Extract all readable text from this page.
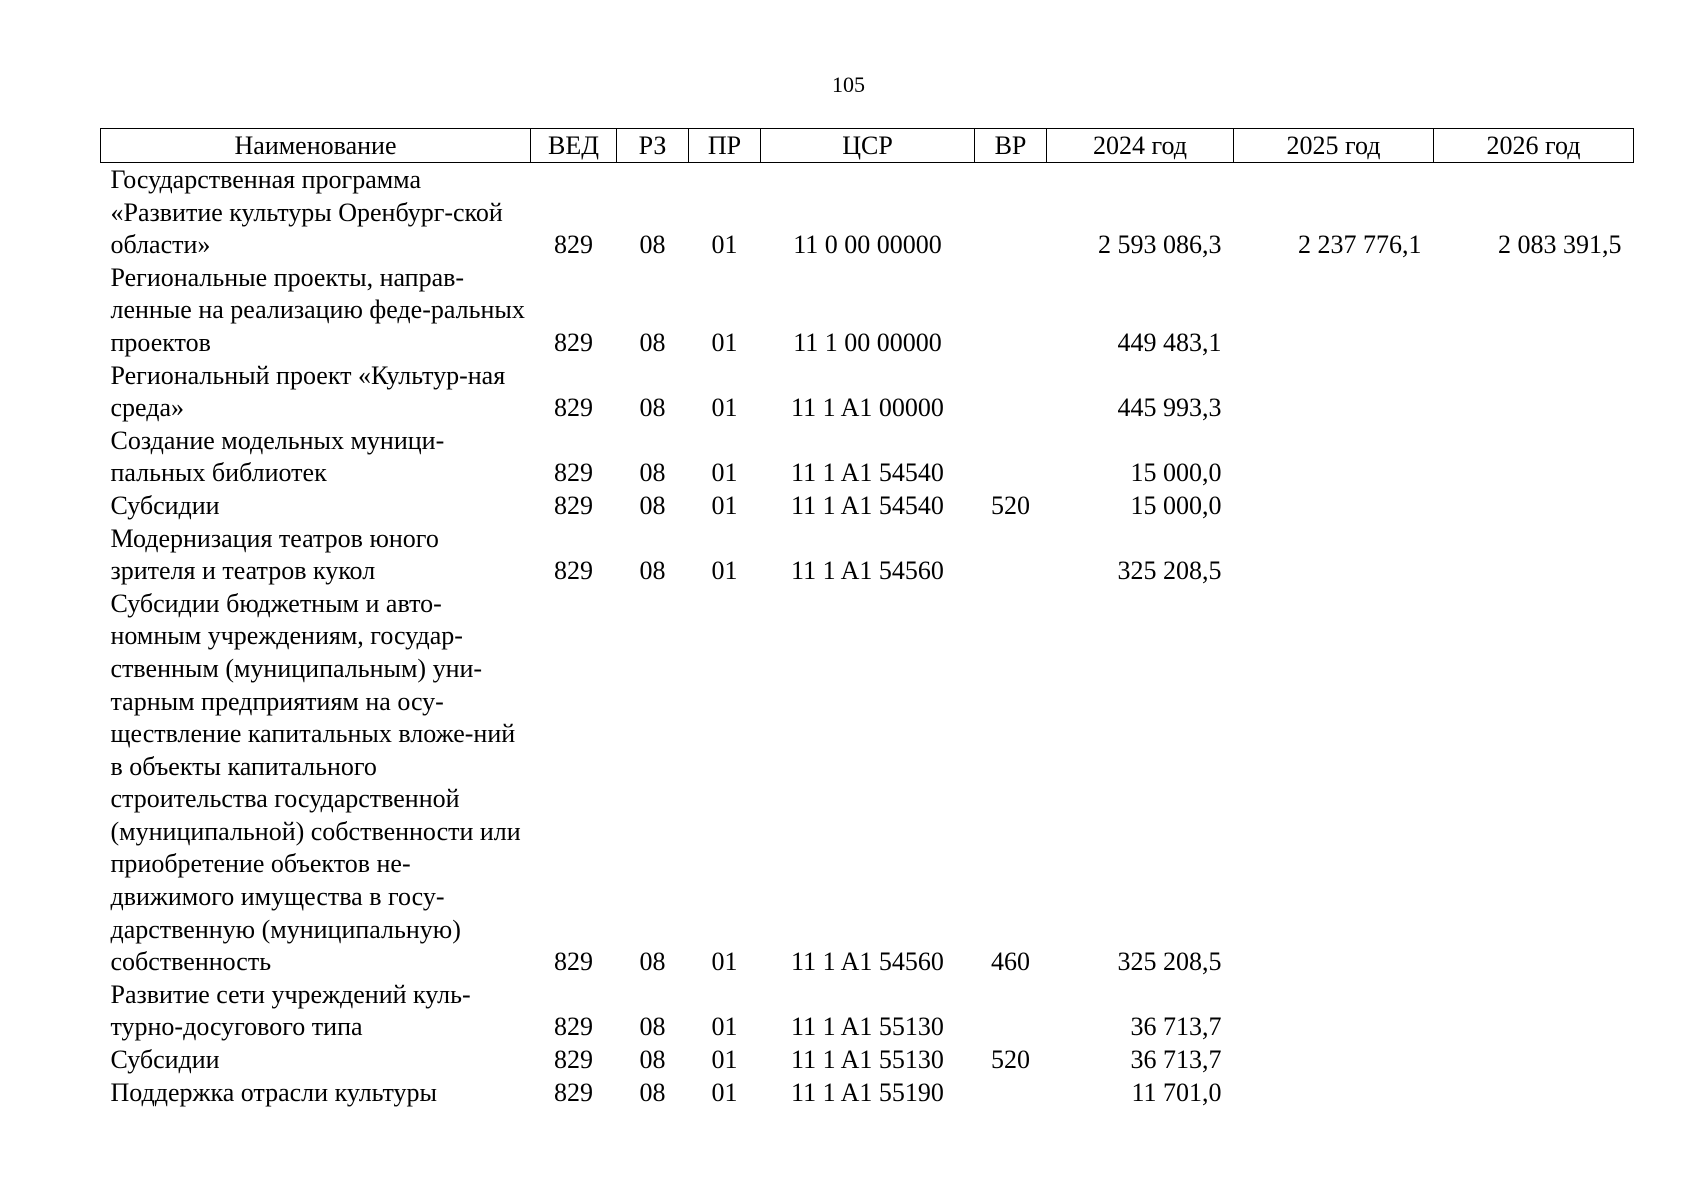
105
Наименование	ВЕД	РЗ	ПР	ЦСР	ВР	2024 год	2025 год	2026 год
Государственная программа «Развитие культуры Оренбург-ской области»	829	08	01	11 0 00 00000		2 593 086,3	2 237 776,1	2 083 391,5
Региональные проекты, направ-ленные на реализацию феде-ральных проектов	829	08	01	11 1 00 00000		449 483,1		
Региональный проект «Культур-ная среда»	829	08	01	11 1 A1 00000		445 993,3		
Создание модельных муници-пальных библиотек	829	08	01	11 1 A1 54540		15 000,0		
Субсидии	829	08	01	11 1 A1 54540	520	15 000,0		
Модернизация театров юного зрителя и театров кукол	829	08	01	11 1 A1 54560		325 208,5		
Субсидии бюджетным и авто-номным учреждениям, государ-ственным (муниципальным) уни-тарным предприятиям на осу-ществление капитальных вложе-ний в объекты капитального строительства государственной (муниципальной) собственности или приобретение объектов не-движимого имущества в госу-дарственную (муниципальную) собственность	829	08	01	11 1 A1 54560	460	325 208,5		
Развитие сети учреждений куль-турно-досугового типа	829	08	01	11 1 A1 55130		36 713,7		
Субсидии	829	08	01	11 1 A1 55130	520	36 713,7		
Поддержка отрасли культуры	829	08	01	11 1 A1 55190		11 701,0		
